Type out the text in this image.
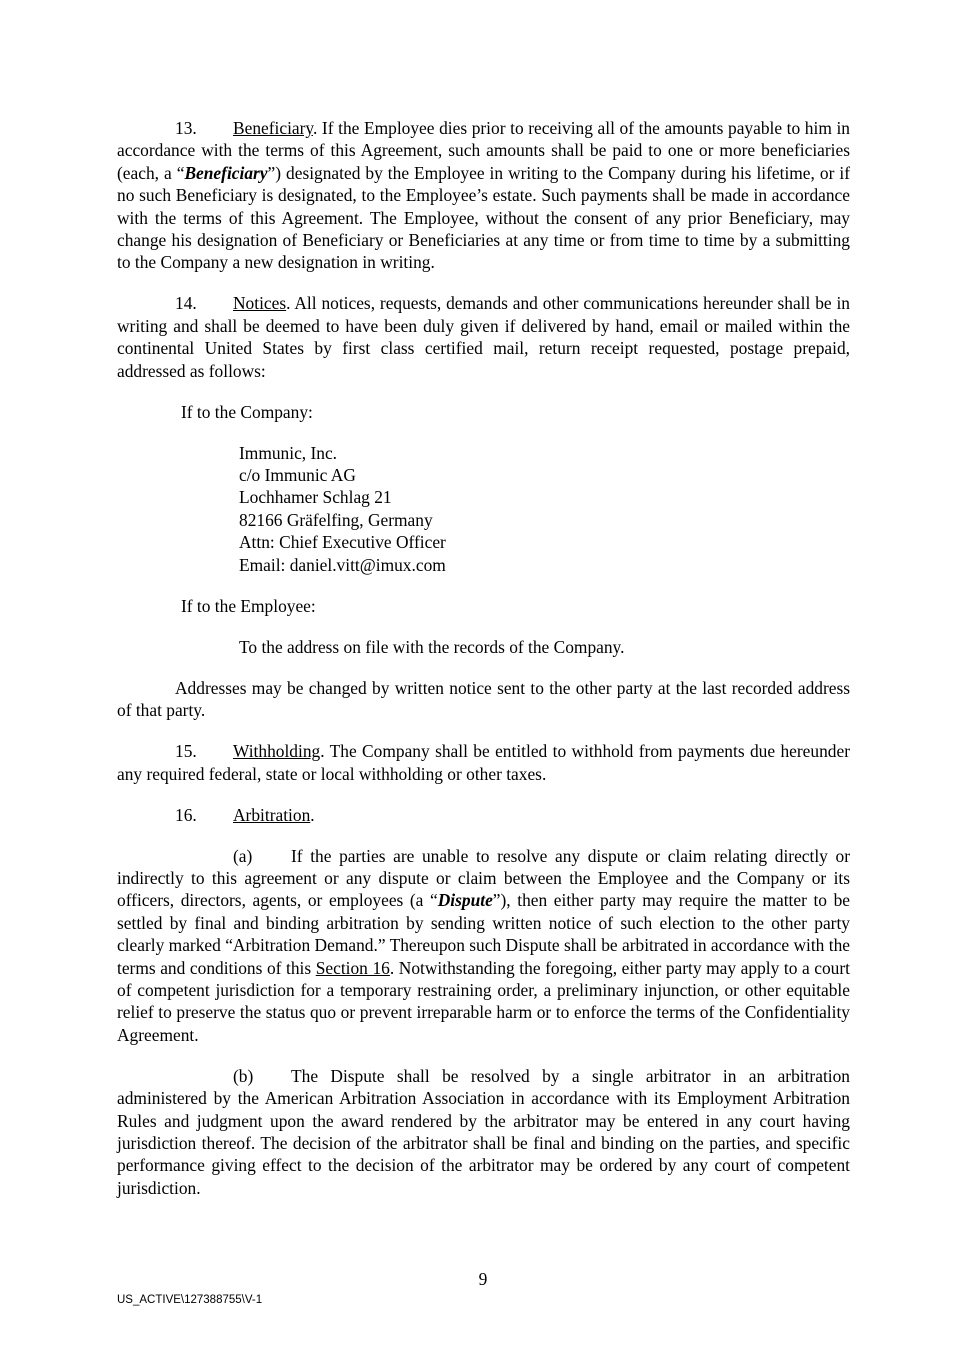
13. Beneficiary. If the Employee dies prior to receiving all of the amounts payable to him in accordance with the terms of this Agreement, such amounts shall be paid to one or more beneficiaries (each, a “Beneficiary”) designated by the Employee in writing to the Company during his lifetime, or if no such Beneficiary is designated, to the Employee’s estate. Such payments shall be made in accordance with the terms of this Agreement. The Employee, without the consent of any prior Beneficiary, may change his designation of Beneficiary or Beneficiaries at any time or from time to time by a submitting to the Company a new designation in writing.

14. Notices. All notices, requests, demands and other communications hereunder shall be in writing and shall be deemed to have been duly given if delivered by hand, email or mailed within the continental United States by first class certified mail, return receipt requested, postage prepaid, addressed as follows:

If to the Company:

Immunic, Inc.
c/o Immunic AG
Lochhamer Schlag 21
82166 Gräfelfing, Germany
Attn: Chief Executive Officer
Email: daniel.vitt@imux.com

If to the Employee:

To the address on file with the records of the Company.

Addresses may be changed by written notice sent to the other party at the last recorded address of that party.

15. Withholding. The Company shall be entitled to withhold from payments due hereunder any required federal, state or local withholding or other taxes.

16. Arbitration.

(a) If the parties are unable to resolve any dispute or claim relating directly or indirectly to this agreement or any dispute or claim between the Employee and the Company or its officers, directors, agents, or employees (a “Dispute”), then either party may require the matter to be settled by final and binding arbitration by sending written notice of such election to the other party clearly marked “Arbitration Demand.” Thereupon such Dispute shall be arbitrated in accordance with the terms and conditions of this Section 16. Notwithstanding the foregoing, either party may apply to a court of competent jurisdiction for a temporary restraining order, a preliminary injunction, or other equitable relief to preserve the status quo or prevent irreparable harm or to enforce the terms of the Confidentiality Agreement.

(b) The Dispute shall be resolved by a single arbitrator in an arbitration administered by the American Arbitration Association in accordance with its Employment Arbitration Rules and judgment upon the award rendered by the arbitrator may be entered in any court having jurisdiction thereof. The decision of the arbitrator shall be final and binding on the parties, and specific performance giving effect to the decision of the arbitrator may be ordered by any court of competent jurisdiction.

9
US_ACTIVE\127388755\V-1
